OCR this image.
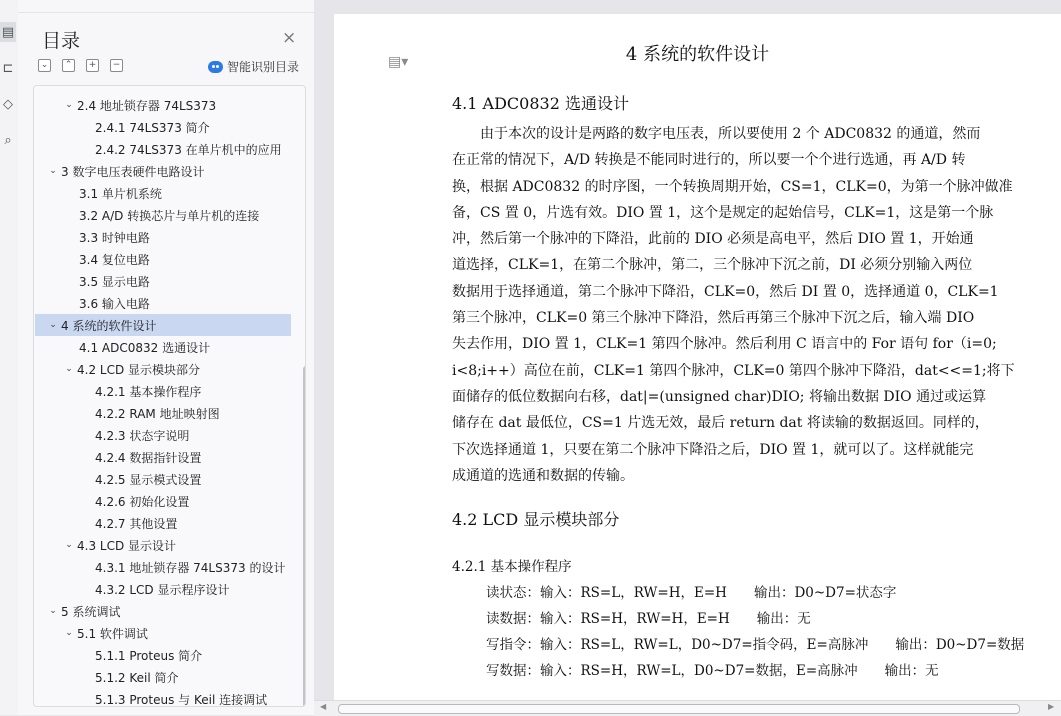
▤
⊏
◇
⌕
目录	×
⌄	⌃	+	−	智能识别目录
⌄ 2.4 地址锁存器 74LS373
2.4.1 74LS373 简介
2.4.2 74LS373 在单片机中的应用
⌄ 3 数字电压表硬件电路设计
3.1 单片机系统
3.2 A/D 转换芯片与单片机的连接
3.3 时钟电路
3.4 复位电路
3.5 显示电路
3.6 输入电路
⌄ 4 系统的软件设计
4.1 ADC0832 选通设计
⌄ 4.2 LCD 显示模块部分
4.2.1 基本操作程序
4.2.2 RAM 地址映射图
4.2.3 状态字说明
4.2.4 数据指针设置
4.2.5 显示模式设置
4.2.6 初始化设置
4.2.7 其他设置
⌄ 4.3 LCD 显示设计
4.3.1 地址锁存器 74LS373 的设计
4.3.2 LCD 显示程序设计
⌄ 5 系统调试
⌄ 5.1 软件调试
5.1.1 Proteus 简介
5.1.2 Keil 简介
5.1.3 Proteus 与 Keil 连接调试
▤▾	4 系统的软件设计
4.1 ADC0832 选通设计
　　由于本次的设计是两路的数字电压表，所以要使用 2 个 ADC0832 的通道，然而
在正常的情况下，A/D 转换是不能同时进行的，所以要一个个进行选通，再 A/D 转
换，根据 ADC0832 的时序图，一个转换周期开始，CS=1，CLK=0，为第一个脉冲做准
备，CS 置 0，片选有效。DIO 置 1，这个是规定的起始信号，CLK=1，这是第一个脉
冲，然后第一个脉冲的下降沿，此前的 DIO 必须是高电平，然后 DIO 置 1，开始通
道选择，CLK=1，在第二个脉冲，第二，三个脉冲下沉之前，DI 必须分别输入两位
数据用于选择通道，第二个脉冲下降沿，CLK=0，然后 DI 置 0，选择通道 0，CLK=1
第三个脉冲，CLK=0 第三个脉冲下降沿，然后再第三个脉冲下沉之后，输入端 DIO
失去作用，DIO 置 1，CLK=1 第四个脉冲。然后利用 C 语言中的 For 语句 for（i=0;
i<8;i++）高位在前，CLK=1 第四个脉冲，CLK=0 第四个脉冲下降沿，dat<<=1;将下
面储存的低位数据向右移，dat|=(unsigned char)DIO; 将输出数据 DIO 通过或运算
储存在 dat 最低位，CS=1 片选无效，最后 return dat 将读输的数据返回。同样的，
下次选择通道 1，只要在第二个脉冲下降沿之后，DIO 置 1，就可以了。这样就能完
成通道的选通和数据的传输。
4.2 LCD 显示模块部分
4.2.1 基本操作程序
读状态：输入：RS=L，RW=H，E=H　　输出：D0~D7=状态字
读数据：输入：RS=H，RW=H，E=H　　输出：无
写指令：输入：RS=L，RW=L，D0~D7=指令码，E=高脉冲　　输出：D0~D7=数据
写数据：输入：RS=H，RW=L，D0~D7=数据，E=高脉冲　　输出：无
◀	▶
